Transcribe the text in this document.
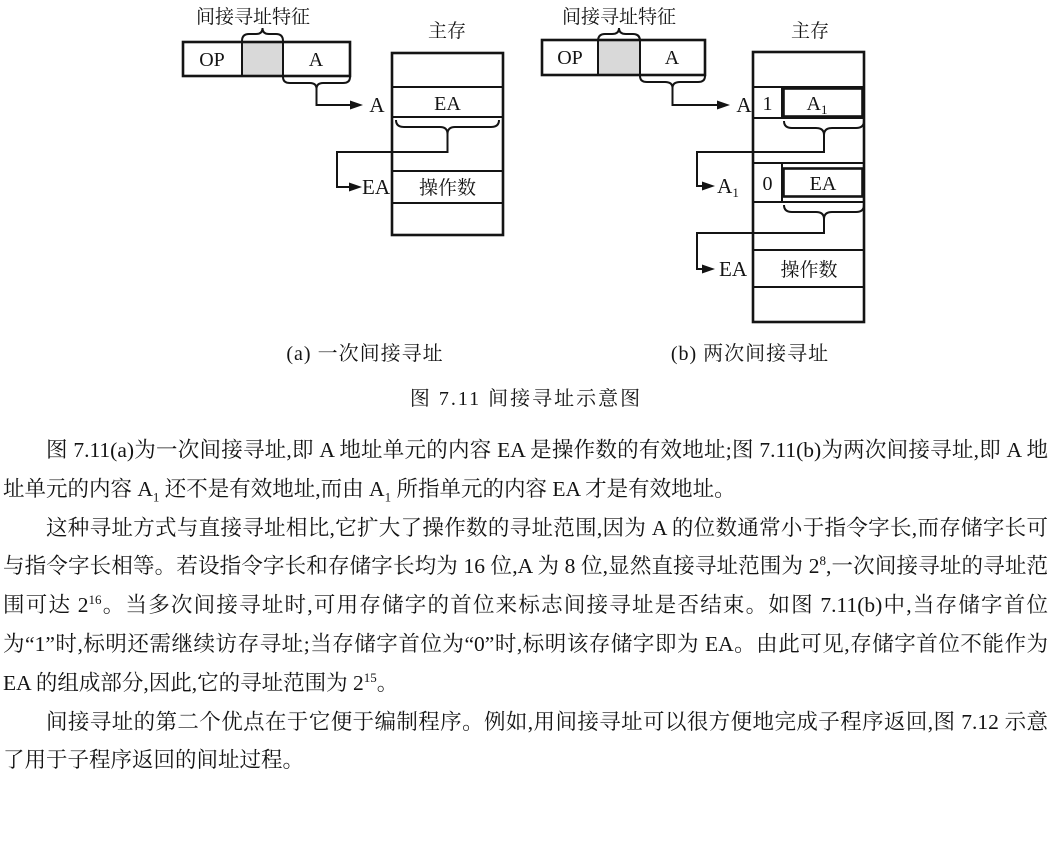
间接寻址特征
OP	A
A
主存
EA
操作数
EA
间接寻址特征
OP	A
A
主存
1 $A_1$
A1 0 EA
EA 操作数
(a) 一次间接寻址	(b) 两次间接寻址
图 7.11 间接寻址示意图

图 7.11(a)为一次间接寻址,即 A 地址单元的内容 EA 是操作数的有效地址;图 7.11(b)为两次间接寻址,即 A 地址单元的内容 $A_1$ 还不是有效地址,而由 $A_1$ 所指单元的内容 EA 才是有效地址。

这种寻址方式与直接寻址相比,它扩大了操作数的寻址范围,因为 A 的位数通常小于指令字长,而存储字长可与指令字长相等。若设指令字长和存储字长均为 16 位,A 为 8 位,显然直接寻址范围为 $2^8$,一次间接寻址的寻址范围可达 $2^{16}$。当多次间接寻址时,可用存储字的首位来标志间接寻址是否结束。如图 7.11(b)中,当存储字首位为“1”时,标明还需继续访存寻址;当存储字首位为“0”时,标明该存储字即为 EA。由此可见,存储字首位不能作为 EA 的组成部分,因此,它的寻址范围为 $2^{15}$。

间接寻址的第二个优点在于它便于编制程序。例如,用间接寻址可以很方便地完成子程序返回,图 7.12 示意了用于子程序返回的间址过程。
